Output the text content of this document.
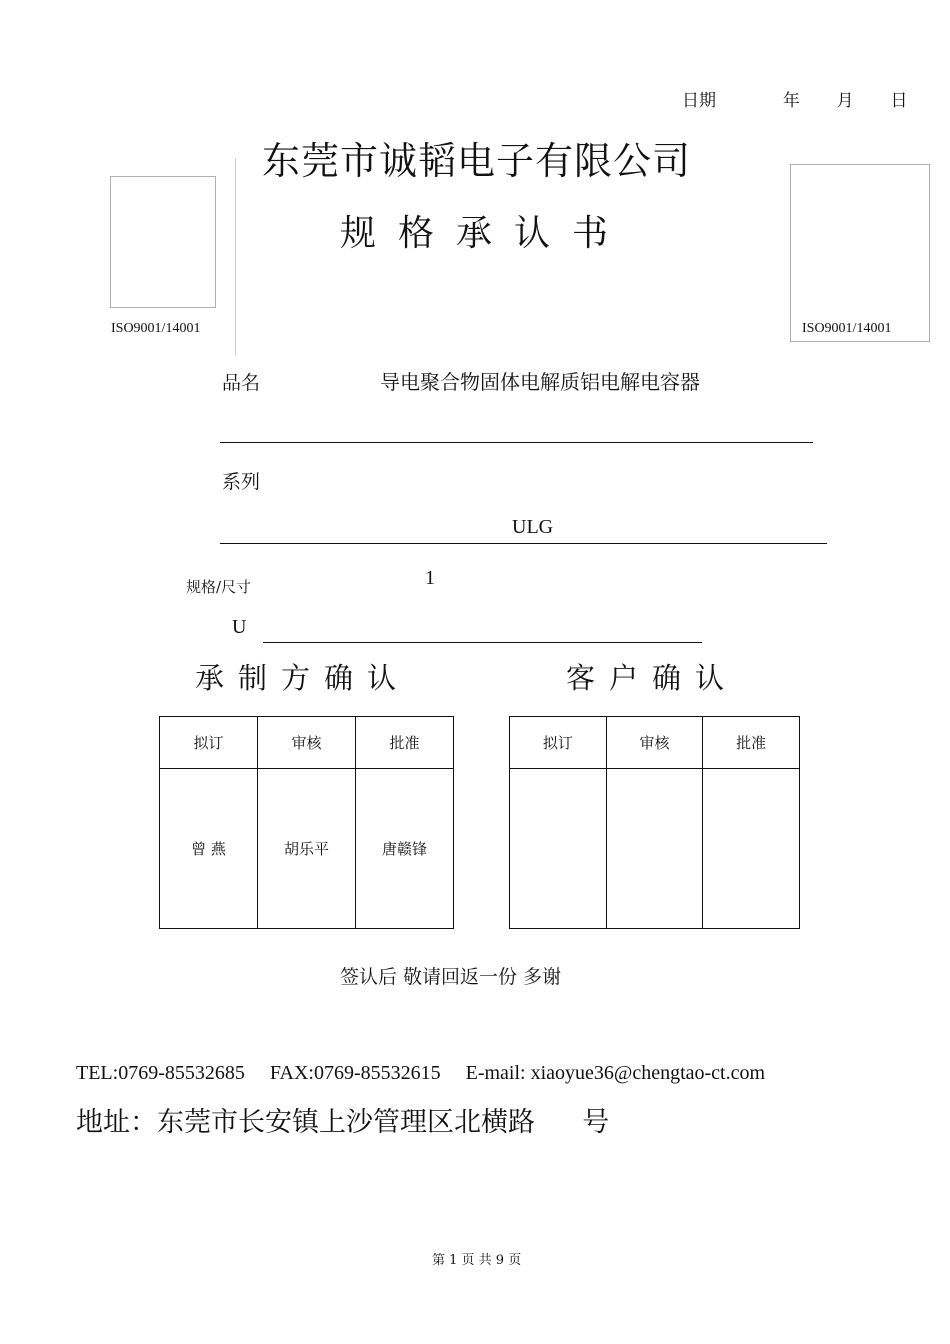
日期	年 月 日
东莞市诚韬电子有限公司
规格承认书
ISO9001/14001	ISO9001/14001
品名	导电聚合物固体电解质铝电解电容器
系列
ULG
规格/尺寸	1
U
承制方确认	客户确认
拟订	审核	批准
曾 燕	胡乐平	唐赣锋
拟订	审核	批准

签认后 敬请回返一份 多谢
TEL:0769-85532685 FAX:0769-85532615 E-mail: xiaoyue36@chengtao-ct.com
地址：东莞市长安镇上沙管理区北横路 号
第 1 页 共 9 页
